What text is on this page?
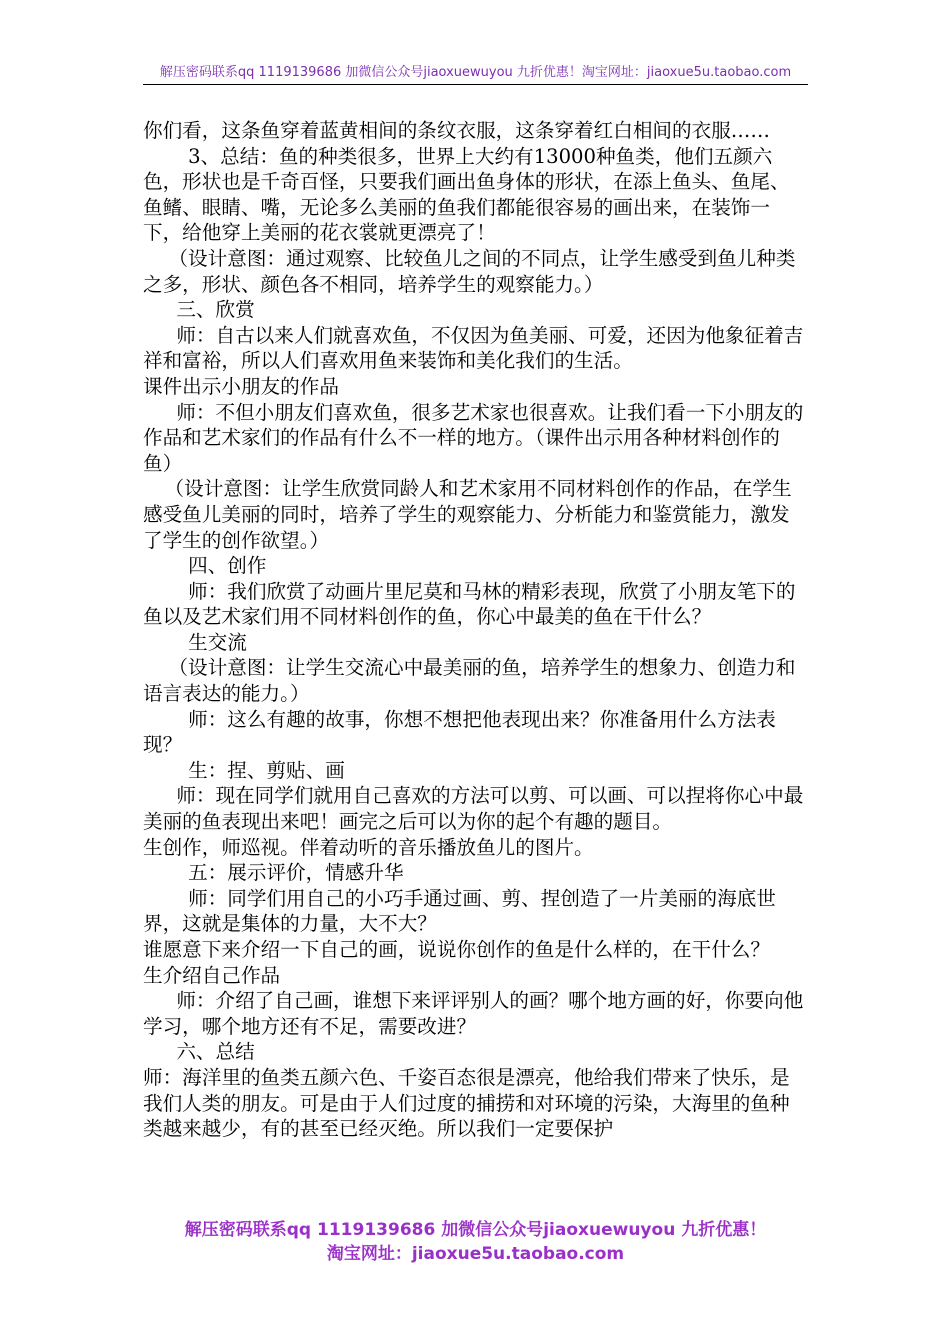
解压密码联系qq 1119139686 加微信公众号jiaoxuewuyou 九折优惠！淘宝网址：jiaoxue5u.taobao.com

你们看，这条鱼穿着蓝黄相间的条纹衣服，这条穿着红白相间的衣服……

3、总结：鱼的种类很多，世界上大约有13000种鱼类，他们五颜六色，形状也是千奇百怪，只要我们画出鱼身体的形状，在添上鱼头、鱼尾、鱼鳍、眼睛、嘴，无论多么美丽的鱼我们都能很容易的画出来，在装饰一下，给他穿上美丽的花衣裳就更漂亮了！

（设计意图：通过观察、比较鱼儿之间的不同点，让学生感受到鱼儿种类之多，形状、颜色各不相同，培养学生的观察能力。）

三、欣赏

师：自古以来人们就喜欢鱼，不仅因为鱼美丽、可爱，还因为他象征着吉祥和富裕，所以人们喜欢用鱼来装饰和美化我们的生活。

课件出示小朋友的作品

师：不但小朋友们喜欢鱼，很多艺术家也很喜欢。让我们看一下小朋友的作品和艺术家们的作品有什么不一样的地方。（课件出示用各种材料创作的鱼）

（设计意图：让学生欣赏同龄人和艺术家用不同材料创作的作品，在学生感受鱼儿美丽的同时，培养了学生的观察能力、分析能力和鉴赏能力，激发了学生的创作欲望。）

四、创作

师：我们欣赏了动画片里尼莫和马林的精彩表现，欣赏了小朋友笔下的鱼以及艺术家们用不同材料创作的鱼，你心中最美的鱼在干什么？

生交流

（设计意图：让学生交流心中最美丽的鱼，培养学生的想象力、创造力和语言表达的能力。）

师：这么有趣的故事，你想不想把他表现出来？你准备用什么方法表现？

生：捏、剪贴、画

师：现在同学们就用自己喜欢的方法可以剪、可以画、可以捏将你心中最美丽的鱼表现出来吧！画完之后可以为你的起个有趣的题目。

生创作，师巡视。伴着动听的音乐播放鱼儿的图片。

五：展示评价，情感升华

师：同学们用自己的小巧手通过画、剪、捏创造了一片美丽的海底世界，这就是集体的力量，大不大？

谁愿意下来介绍一下自己的画，说说你创作的鱼是什么样的，在干什么？

生介绍自己作品

师：介绍了自己画，谁想下来评评别人的画？哪个地方画的好，你要向他学习，哪个地方还有不足，需要改进？

六、总结

师：海洋里的鱼类五颜六色、千姿百态很是漂亮，他给我们带来了快乐，是我们人类的朋友。可是由于人们过度的捕捞和对环境的污染，大海里的鱼种类越来越少，有的甚至已经灭绝。所以我们一定要保护

解压密码联系qq 1119139686 加微信公众号jiaoxuewuyou 九折优惠！
淘宝网址：jiaoxue5u.taobao.com
